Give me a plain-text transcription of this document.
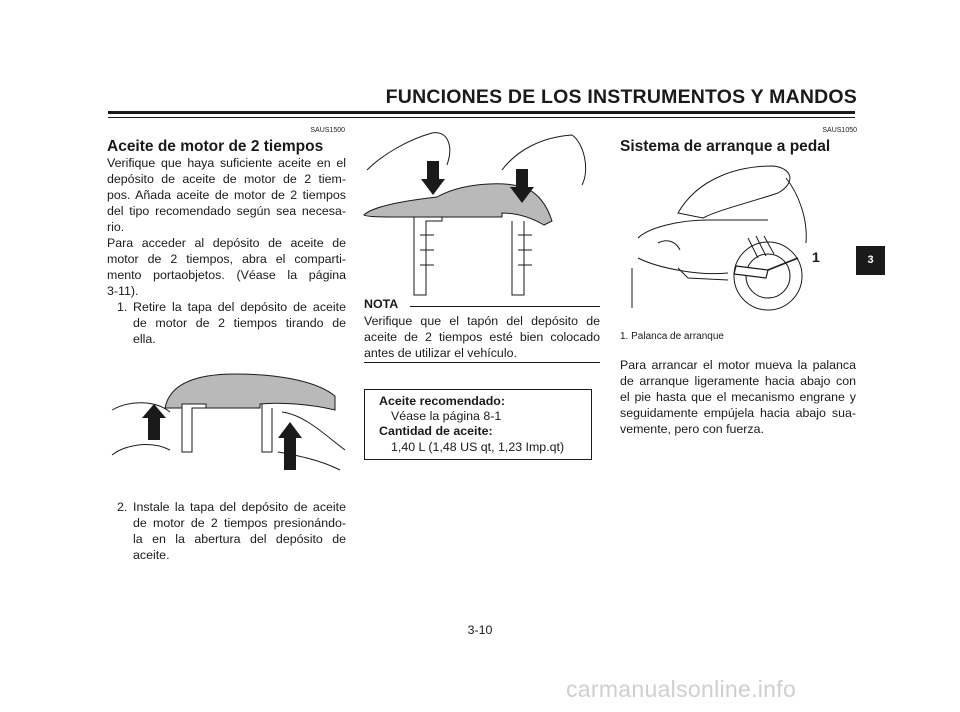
FUNCIONES DE LOS INSTRUMENTOS Y MANDOS
SAUS1500
Aceite de motor de 2 tiempos
Verifique que haya suficiente aceite en el
depósito de aceite de motor de 2 tiem-
pos. Añada aceite de motor de 2 tiempos
del tipo recomendado según sea necesa-
rio.
Para acceder al depósito de aceite de
motor de 2 tiempos, abra el comparti-
mento portaobjetos. (Véase la página
3-11).
1. Retire la tapa del depósito de aceite
de motor de 2 tiempos tirando de
ella.
2. Instale la tapa del depósito de aceite
de motor de 2 tiempos presionándo-
la en la abertura del depósito de
aceite.
NOTA
Verifique que el tapón del depósito de
aceite de 2 tiempos esté bien colocado
antes de utilizar el vehículo.
Aceite recomendado:
Véase la página 8-1
Cantidad de aceite:
1,40 L (1,48 US qt, 1,23 Imp.qt)
SAUS1050
Sistema de arranque a pedal
1
1. Palanca de arranque
Para arrancar el motor mueva la palanca
de arranque ligeramente hacia abajo con
el pie hasta que el mecanismo engrane y
seguidamente empújela hacia abajo sua-
vemente, pero con fuerza.
3
3-10
carmanualsonline.info
